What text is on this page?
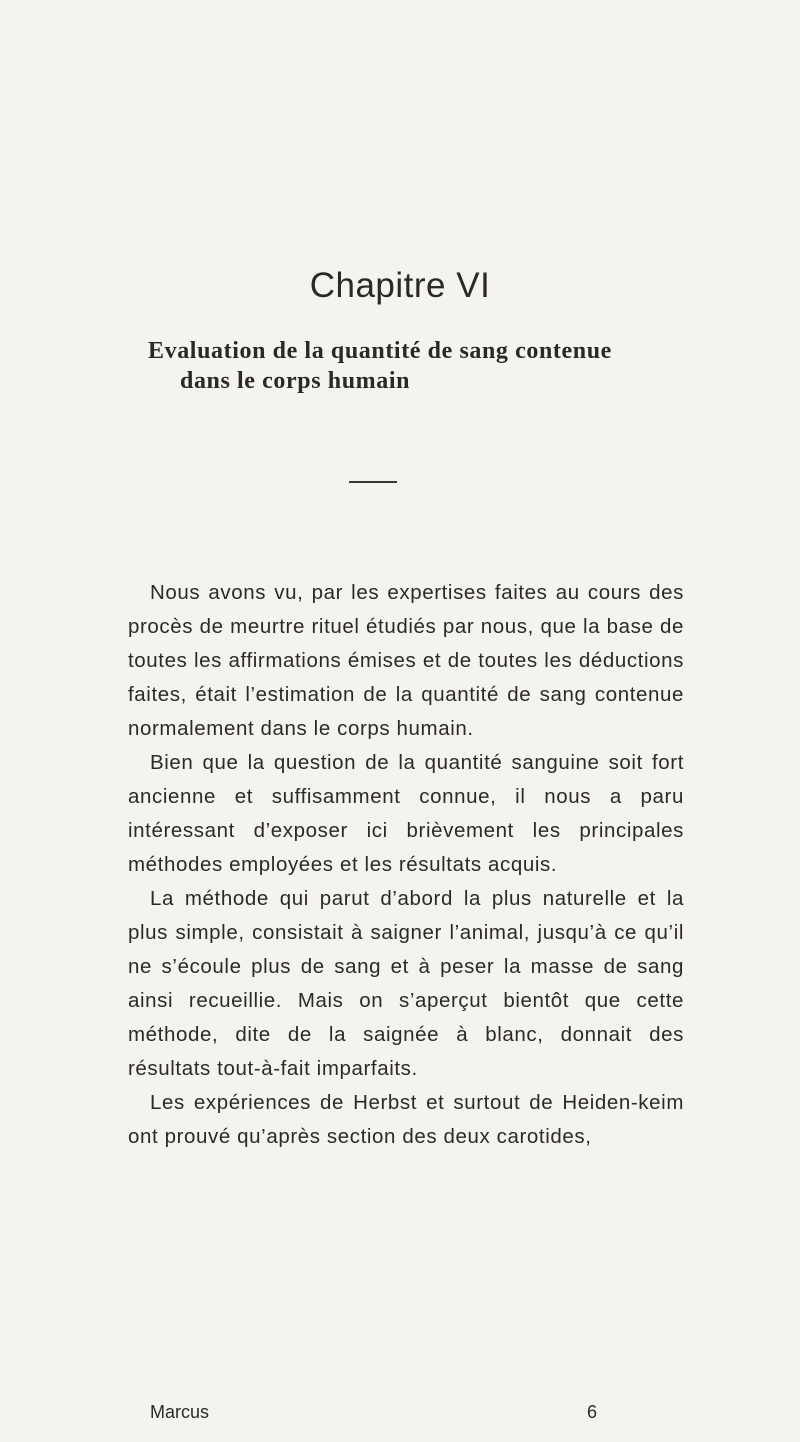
Chapitre VI
Evaluation de la quantité de sang contenue
dans le corps humain

Nous avons vu, par les expertises faites au cours des procès de meurtre rituel étudiés par nous, que la base de toutes les affirmations émises et de toutes les déductions faites, était l’estimation de la quantité de sang contenue normalement dans le corps humain.

Bien que la question de la quantité sanguine soit fort ancienne et suffisamment connue, il nous a paru intéressant d’exposer ici brièvement les principales méthodes employées et les résultats acquis.

La méthode qui parut d’abord la plus naturelle et la plus simple, consistait à saigner l’animal, jusqu’à ce qu’il ne s’écoule plus de sang et à peser la masse de sang ainsi recueillie. Mais on s’aperçut bientôt que cette méthode, dite de la saignée à blanc, donnait des résultats tout-à-fait imparfaits.

Les expériences de Herbst et surtout de Heiden-keim ont prouvé qu’après section des deux carotides,

Marcus	6
